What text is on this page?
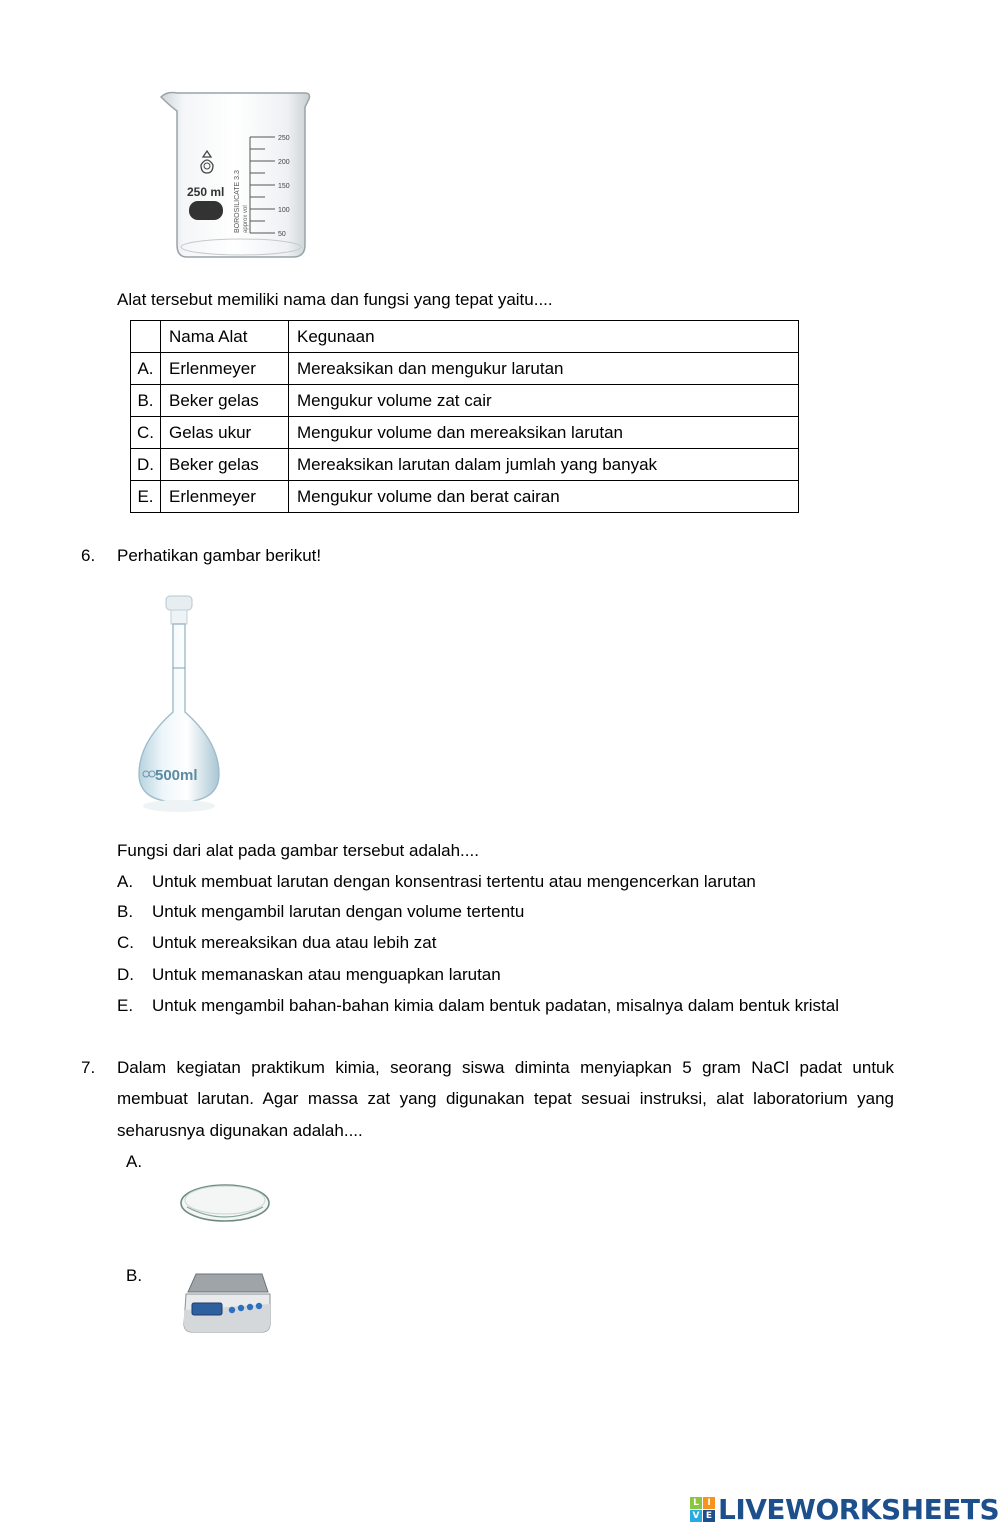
250
200
150
100
50
BOROSILICATE 3.3 approx vol
250 ml
Alat tersebut memiliki nama dan fungsi yang tepat yaitu....
	Nama Alat	Kegunaan
A.	Erlenmeyer	Mereaksikan dan mengukur larutan
B.	Beker gelas	Mengukur volume zat cair
C.	Gelas ukur	Mengukur volume dan mereaksikan larutan
D.	Beker gelas	Mereaksikan larutan dalam jumlah yang banyak
E.	Erlenmeyer	Mengukur volume dan berat cairan
6. Perhatikan gambar berikut!
500ml
Fungsi dari alat pada gambar tersebut adalah....
A. Untuk membuat larutan dengan konsentrasi tertentu atau mengencerkan larutan
B. Untuk mengambil larutan dengan volume tertentu
C. Untuk mereaksikan dua atau lebih zat
D. Untuk memanaskan atau menguapkan larutan
E. Untuk mengambil bahan-bahan kimia dalam bentuk padatan, misalnya dalam bentuk kristal
7. Dalam kegiatan praktikum kimia, seorang siswa diminta menyiapkan 5 gram NaCl padat untuk
membuat larutan. Agar massa zat yang digunakan tepat sesuai instruksi, alat laboratorium yang
seharusnya digunakan adalah....
A.
B.
L I
V E LIVEWORKSHEETS
